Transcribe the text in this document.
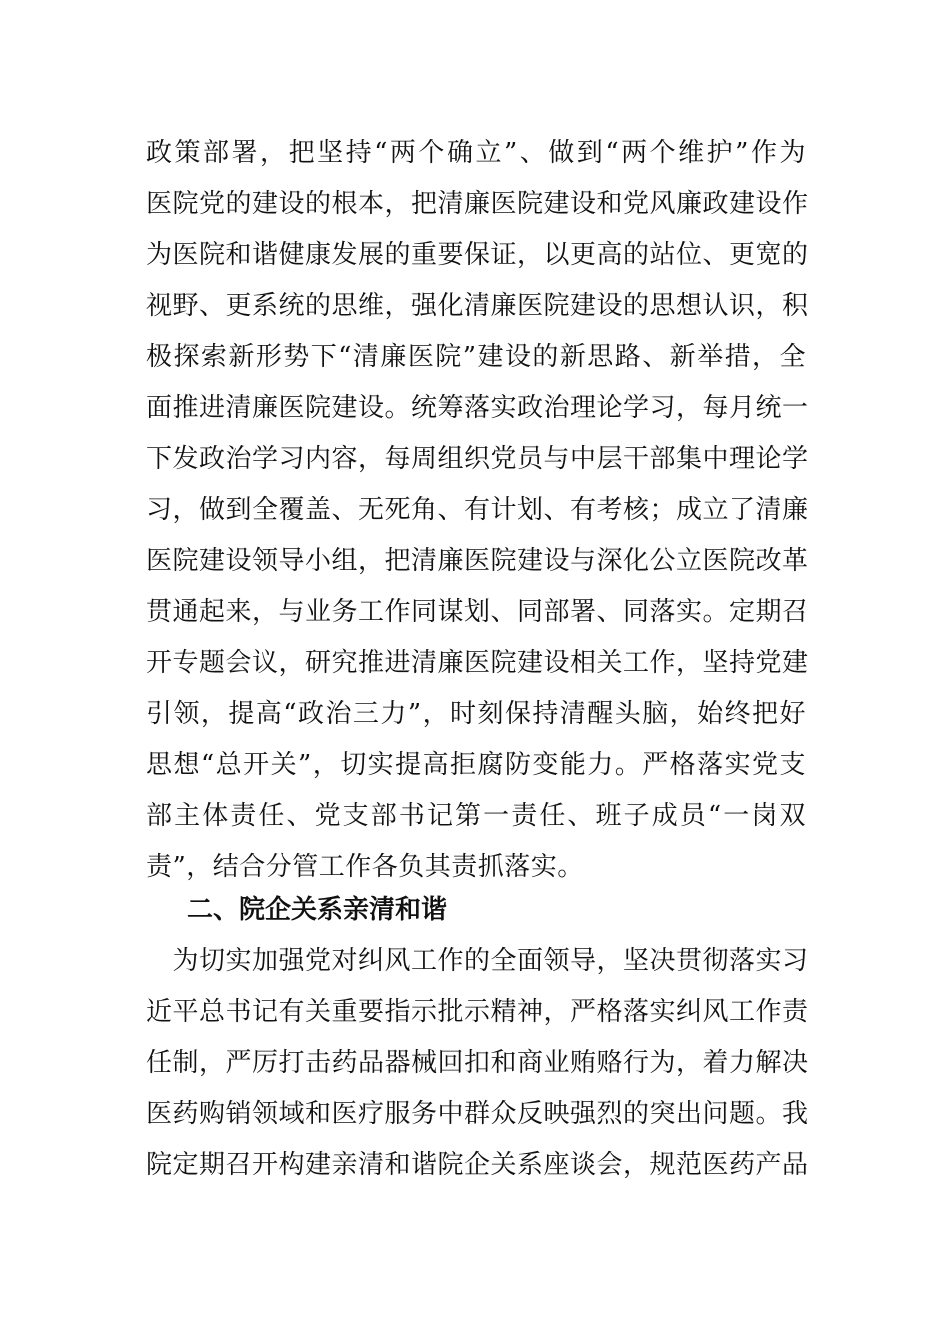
政策部署，把坚持“两个确立”、做到“两个维护”作为
医院党的建设的根本，把清廉医院建设和党风廉政建设作
为医院和谐健康发展的重要保证，以更高的站位、更宽的
视野、更系统的思维，强化清廉医院建设的思想认识，积
极探索新形势下“清廉医院”建设的新思路、新举措，全
面推进清廉医院建设。统筹落实政治理论学习，每月统一
下发政治学习内容，每周组织党员与中层干部集中理论学
习，做到全覆盖、无死角、有计划、有考核；成立了清廉
医院建设领导小组，把清廉医院建设与深化公立医院改革
贯通起来，与业务工作同谋划、同部署、同落实。定期召
开专题会议，研究推进清廉医院建设相关工作，坚持党建
引领，提高“政治三力”，时刻保持清醒头脑，始终把好
思想“总开关”，切实提高拒腐防变能力。严格落实党支
部主体责任、党支部书记第一责任、班子成员“一岗双
责”，结合分管工作各负其责抓落实。
二、院企关系亲清和谐
　为切实加强党对纠风工作的全面领导，坚决贯彻落实习
近平总书记有关重要指示批示精神，严格落实纠风工作责
任制，严厉打击药品器械回扣和商业贿赂行为，着力解决
医药购销领域和医疗服务中群众反映强烈的突出问题。我
院定期召开构建亲清和谐院企关系座谈会，规范医药产品
